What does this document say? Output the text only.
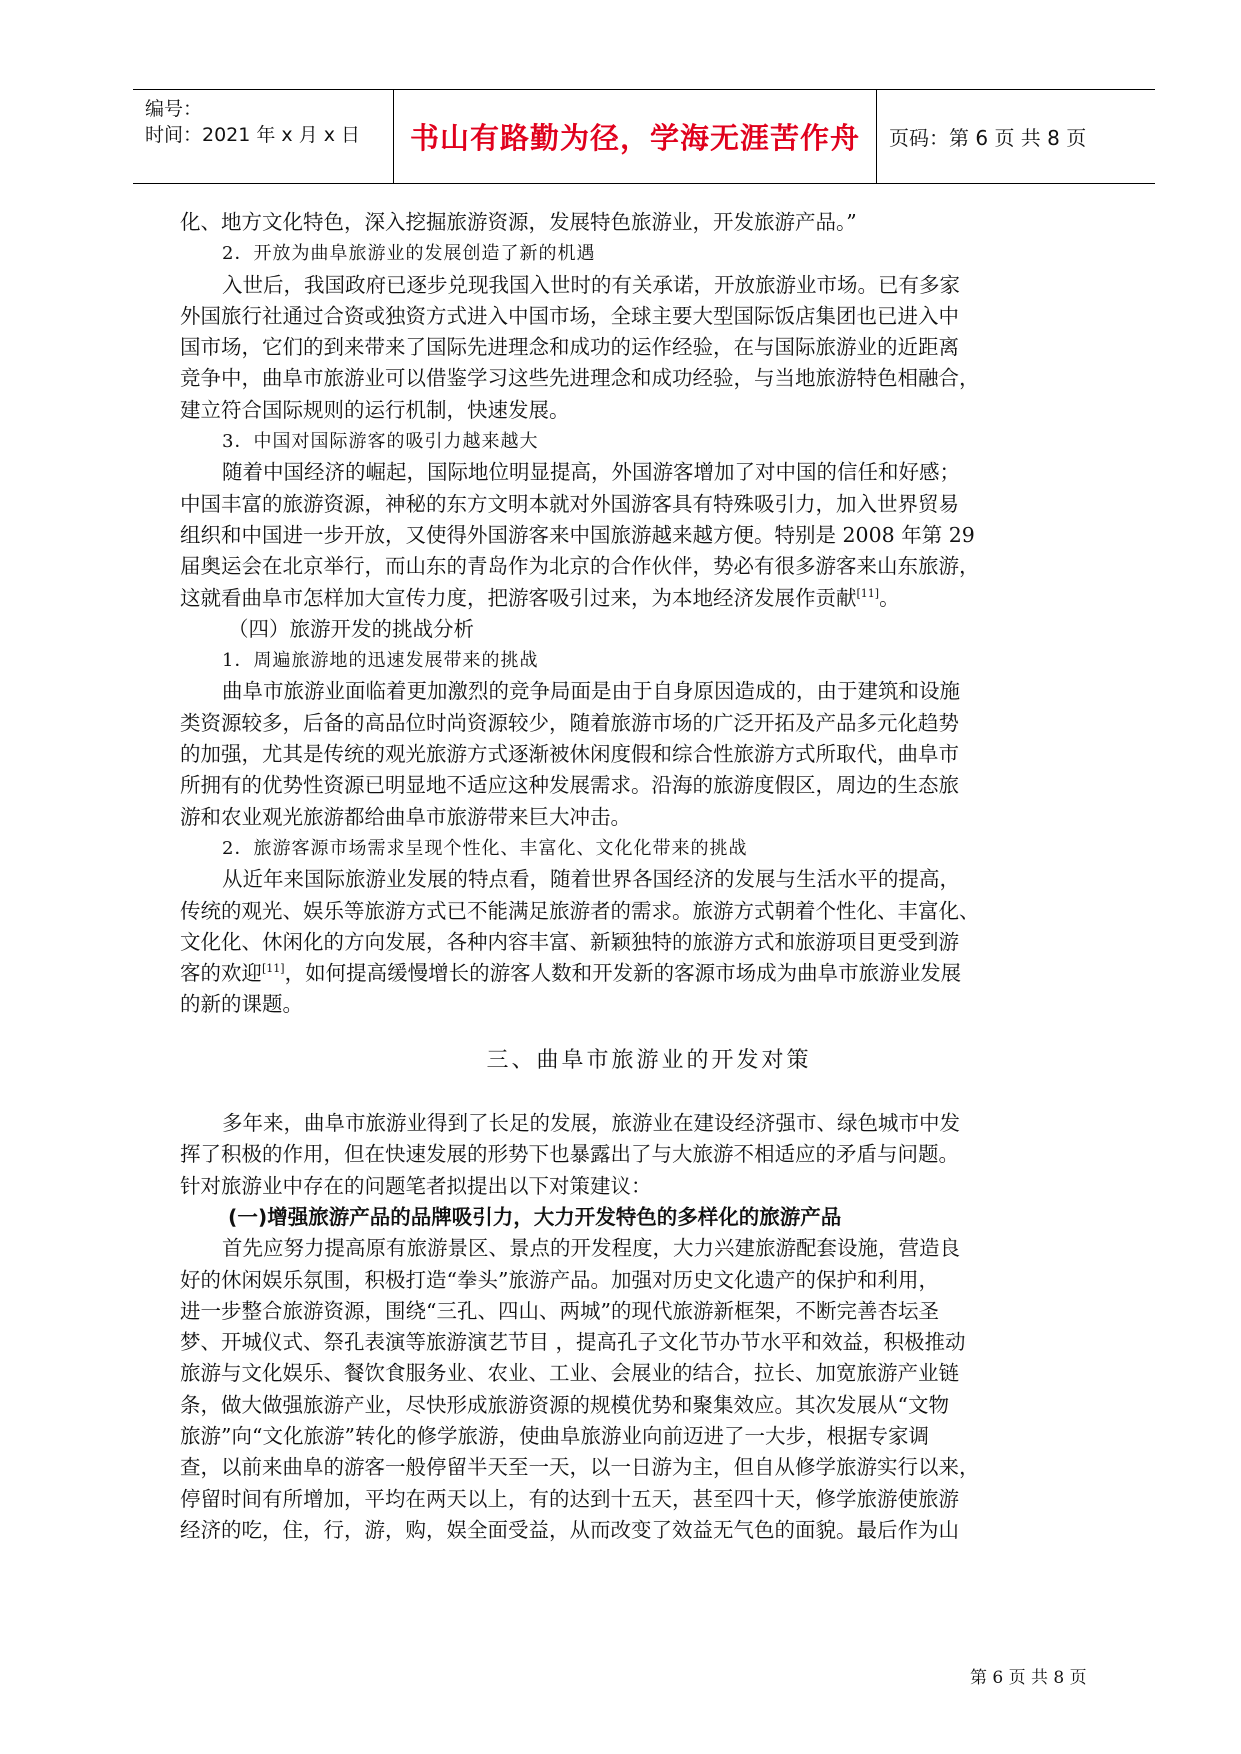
编号：
时间：2021 年 x 月 x 日 书山有路勤为径，学海无涯苦作舟 页码：第 6 页 共 8 页
化、地方文化特色，深入挖掘旅游资源，发展特色旅游业，开发旅游产品。”
2．开放为曲阜旅游业的发展创造了新的机遇
入世后，我国政府已逐步兑现我国入世时的有关承诺，开放旅游业市场。已有多家
外国旅行社通过合资或独资方式进入中国市场，全球主要大型国际饭店集团也已进入中
国市场，它们的到来带来了国际先进理念和成功的运作经验，在与国际旅游业的近距离
竞争中，曲阜市旅游业可以借鉴学习这些先进理念和成功经验，与当地旅游特色相融合，
建立符合国际规则的运行机制，快速发展。
3．中国对国际游客的吸引力越来越大
随着中国经济的崛起，国际地位明显提高，外国游客增加了对中国的信任和好感；
中国丰富的旅游资源，神秘的东方文明本就对外国游客具有特殊吸引力，加入世界贸易
组织和中国进一步开放，又使得外国游客来中国旅游越来越方便。特别是 2008 年第 29
届奥运会在北京举行，而山东的青岛作为北京的合作伙伴，势必有很多游客来山东旅游，
这就看曲阜市怎样加大宣传力度，把游客吸引过来，为本地经济发展作贡献[11]。
（四）旅游开发的挑战分析
1．周遍旅游地的迅速发展带来的挑战
曲阜市旅游业面临着更加激烈的竞争局面是由于自身原因造成的，由于建筑和设施
类资源较多，后备的高品位时尚资源较少，随着旅游市场的广泛开拓及产品多元化趋势
的加强，尤其是传统的观光旅游方式逐渐被休闲度假和综合性旅游方式所取代，曲阜市
所拥有的优势性资源已明显地不适应这种发展需求。沿海的旅游度假区，周边的生态旅
游和农业观光旅游都给曲阜市旅游带来巨大冲击。
2．旅游客源市场需求呈现个性化、丰富化、文化化带来的挑战
从近年来国际旅游业发展的特点看，随着世界各国经济的发展与生活水平的提高，
传统的观光、娱乐等旅游方式已不能满足旅游者的需求。旅游方式朝着个性化、丰富化、
文化化、休闲化的方向发展，各种内容丰富、新颖独特的旅游方式和旅游项目更受到游
客的欢迎[11]，如何提高缓慢增长的游客人数和开发新的客源市场成为曲阜市旅游业发展
的新的课题。
三、曲阜市旅游业的开发对策
多年来，曲阜市旅游业得到了长足的发展，旅游业在建设经济强市、绿色城市中发
挥了积极的作用，但在快速发展的形势下也暴露出了与大旅游不相适应的矛盾与问题。
针对旅游业中存在的问题笔者拟提出以下对策建议：
(一)增强旅游产品的品牌吸引力，大力开发特色的多样化的旅游产品
首先应努力提高原有旅游景区、景点的开发程度，大力兴建旅游配套设施，营造良
好的休闲娱乐氛围，积极打造“拳头”旅游产品。加强对历史文化遗产的保护和利用，
进一步整合旅游资源，围绕“三孔、四山、两城”的现代旅游新框架，不断完善杏坛圣
梦、开城仪式、祭孔表演等旅游演艺节目 ，提高孔子文化节办节水平和效益，积极推动
旅游与文化娱乐、餐饮食服务业、农业、工业、会展业的结合，拉长、加宽旅游产业链
条，做大做强旅游产业，尽快形成旅游资源的规模优势和聚集效应。其次发展从“文物
旅游”向“文化旅游”转化的修学旅游，使曲阜旅游业向前迈进了一大步，根据专家调
查，以前来曲阜的游客一般停留半天至一天，以一日游为主，但自从修学旅游实行以来，
停留时间有所增加，平均在两天以上，有的达到十五天，甚至四十天，修学旅游使旅游
经济的吃，住，行，游，购，娱全面受益，从而改变了效益无气色的面貌。最后作为山
第 6 页 共 8 页
